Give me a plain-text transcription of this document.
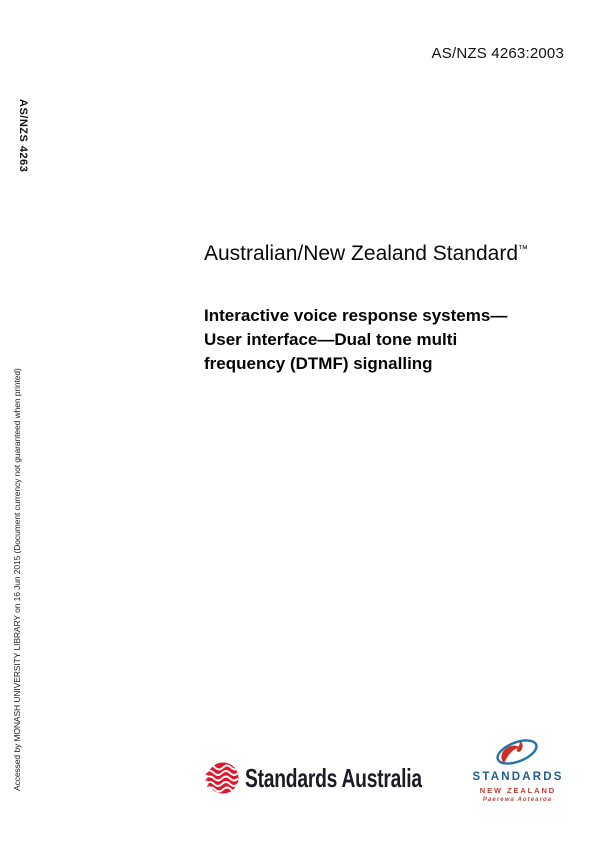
AS/NZS 4263:2003
AS/NZS 4263
Accessed by MONASH UNIVERSITY LIBRARY on 16 Jun 2015 (Document currency not guaranteed when printed)
Australian/New Zealand Standard™
Interactive voice response systems—
User interface—Dual tone multi
frequency (DTMF) signalling
Standards Australia	STANDARDS
NEW ZEALAND
Paerewa Aotearoa
